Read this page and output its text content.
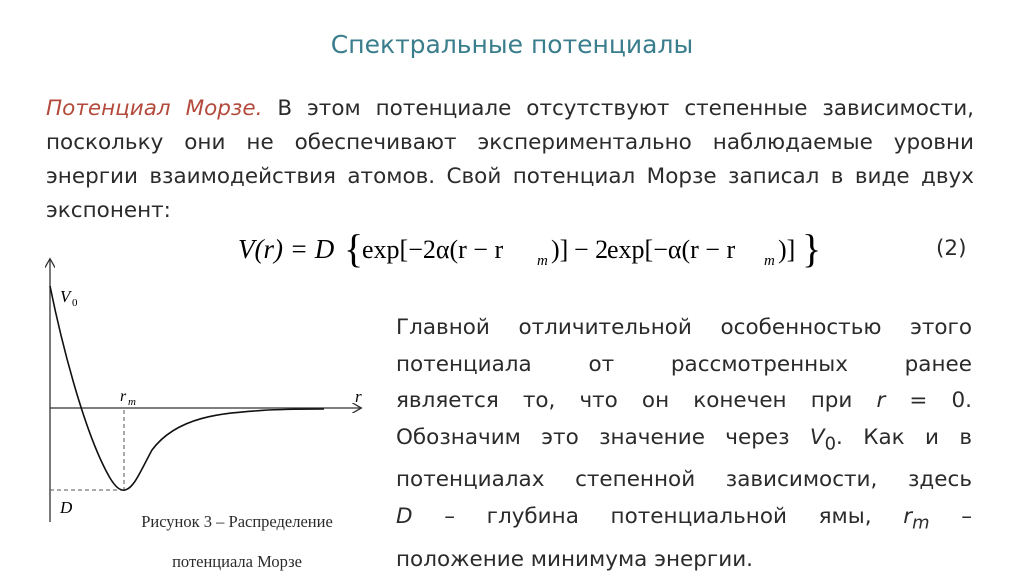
Спектральные потенциалы
Потенциал Морзе. В этом потенциале отсутствуют степенные зависимости, поскольку они не обеспечивают экспериментально наблюдаемые уровни энергии взаимодействия атомов. Свой потенциал Морзе записал в виде двух экспонент:
V(r) = D {
exp[−2α(r − r m )] − 2
exp[−α(r − r m )] }	(2)
Главной отличительной особенностью этого
потенциала от рассмотренных ранее
является то, что он конечен при r = 0.
Обозначим это значение через $V_0$. Как и в
потенциалах степенной зависимости, здесь
D – глубина потенциальной ямы, $r_m$ –
положение минимума энергии.
V 0
r
r m
D
Рисунок 3 – Распределение
потенциала Морзе
